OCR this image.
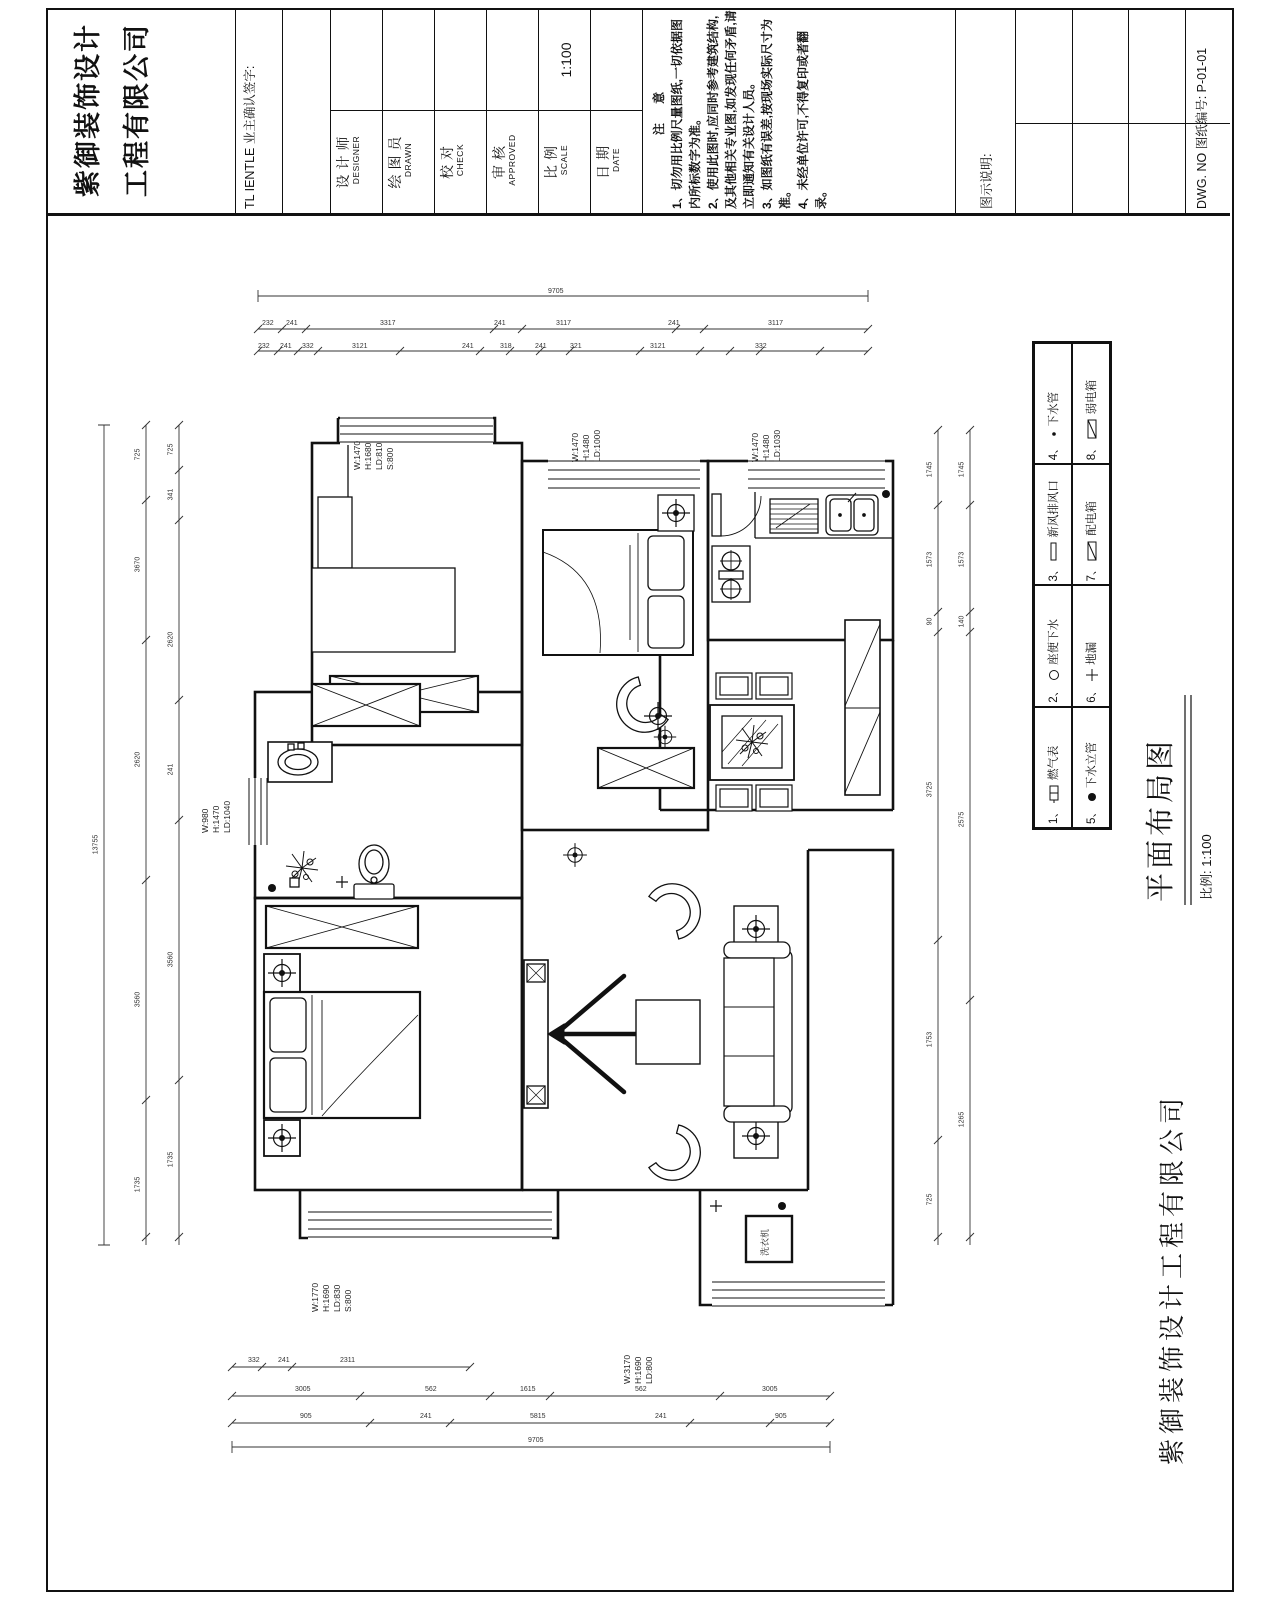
紫御装饰设计 工程有限公司	TL IENTLE 业主确认签字:	设计师 DESIGNER 绘图员 DRAWN 校对 CHECK 审核 APPROVED 比例 SCALE
1:100
日期 DATE
注 意 1、切勿用比例尺量图纸,一切依据图内所标数字为准。 2、使用此图时,应同时参考建筑结构,及其他相关专业图,如发现任何矛盾,请立即通知有关设计人员。 3、如图纸有误差,按现场实际尺寸为准。 4、未经单位许可,不得复印或者翻录。	图示说明:	DWG. NO 图纸编号: P-01-01
1、
燃气表
2、
座便下水
3、
新风排风口
4、
下水管
5、
下水立管
6、
地漏
7、
配电箱
8、
弱电箱
平面布局图 比例: 1:100
紫御装饰设计工程有限公司
W:1470 H:1680 LD:810 S:800	W:1470 H:1480 LD:1000	W:1470 H:1480 LD:1030
W:980 H:1470 LD:1040
W:1770 H:1690 LD:830 S:800
W:3170 H:1690 LD:800
洗衣机
9705
232 241	3317	241	3117	241	3117
232 241 332	3121	241	318	241	321	3121	332
332	241	2311
3005	562	1615	562	3005
905	241	5815	241	905
9705
13755
725
3670
2620
3560
1735
725
341
2620
241
3560
1735
1745
1573
90
3725
1753
725
1745
1573
140
2575
1265
